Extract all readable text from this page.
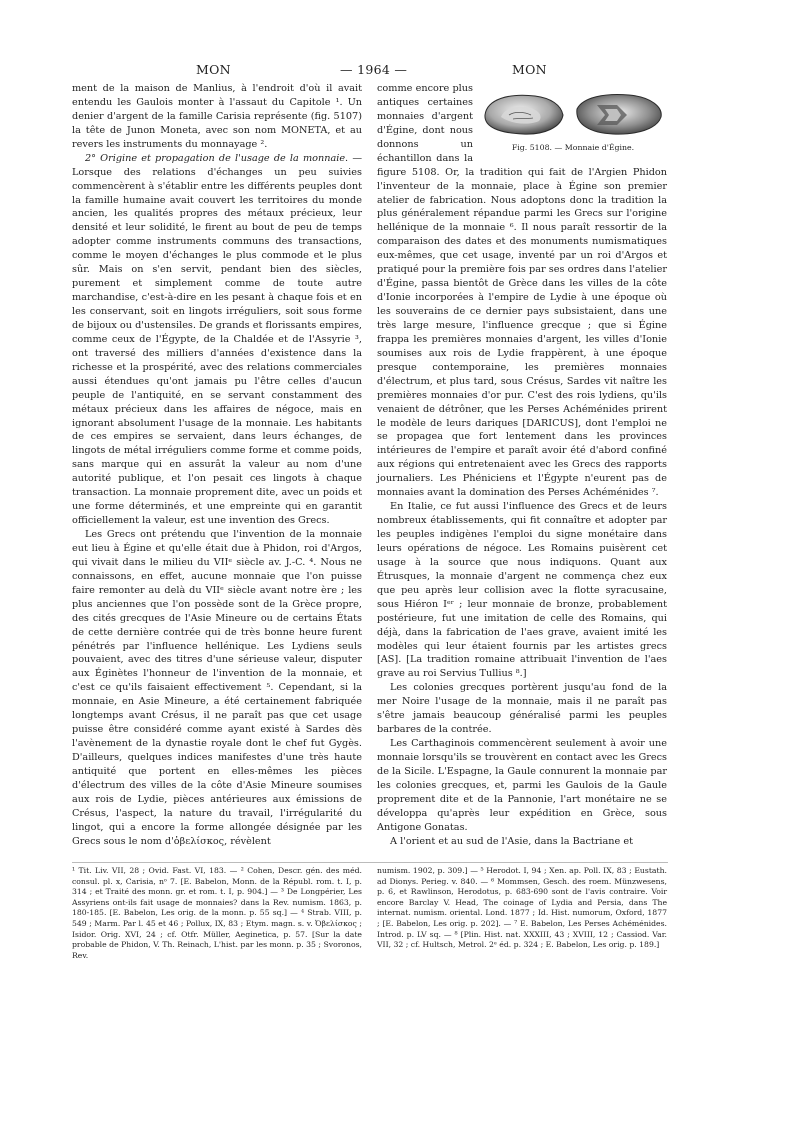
MON	— 1964 —	MON

ment de la maison de Manlius, à l'endroit d'où il avait entendu les Gaulois monter à l'assaut du Capitole ¹. Un denier d'argent de la famille Carisia représente (fig. 5107) la tête de Junon Moneta, avec son nom MONETA, et au revers les instruments du monnayage ².

2° Origine et propagation de l'usage de la monnaie. — Lorsque des relations d'échanges un peu suivies commencèrent à s'établir entre les différents peuples dont la famille humaine avait couvert les territoires du monde ancien, les qualités propres des métaux précieux, leur densité et leur solidité, le firent au bout de peu de temps adopter comme instruments communs des transactions, comme le moyen d'échanges le plus commode et le plus sûr. Mais on s'en servit, pendant bien des siècles, purement et simplement comme de toute autre marchandise, c'est-à-dire en les pesant à chaque fois et en les conservant, soit en lingots irréguliers, soit sous forme de bijoux ou d'ustensiles. De grands et florissants empires, comme ceux de l'Égypte, de la Chaldée et de l'Assyrie ³, ont traversé des milliers d'années d'existence dans la richesse et la prospérité, avec des relations commerciales aussi étendues qu'ont jamais pu l'être celles d'aucun peuple de l'antiquité, en se servant constamment des métaux précieux dans les affaires de négoce, mais en ignorant absolument l'usage de la monnaie. Les habitants de ces empires se servaient, dans leurs échanges, de lingots de métal irréguliers comme forme et comme poids, sans marque qui en assurât la valeur au nom d'une autorité publique, et l'on pesait ces lingots à chaque transaction. La monnaie proprement dite, avec un poids et une forme déterminés, et une empreinte qui en garantit officiellement la valeur, est une invention des Grecs.

Les Grecs ont prétendu que l'invention de la monnaie eut lieu à Égine et qu'elle était due à Phidon, roi d'Argos, qui vivait dans le milieu du VIIᵉ siècle av. J.-C. ⁴. Nous ne connaissons, en effet, aucune monnaie que l'on puisse faire remonter au delà du VIIᵉ siècle avant notre ère ; les plus anciennes que l'on possède sont de la Grèce propre, des cités grecques de l'Asie Mineure ou de certains États de cette dernière contrée qui de très bonne heure furent pénétrés par l'influence hellénique. Les Lydiens seuls pouvaient, avec des titres d'une sérieuse valeur, disputer aux Éginètes l'honneur de l'invention de la monnaie, et c'est ce qu'ils faisaient effectivement ⁵. Cependant, si la monnaie, en Asie Mineure, a été certainement fabriquée longtemps avant Crésus, il ne paraît pas que cet usage puisse être considéré comme ayant existé à Sardes dès l'avènement de la dynastie royale dont le chef fut Gygès. D'ailleurs, quelques indices manifestes d'une très haute antiquité que portent en elles-mêmes les pièces d'électrum des villes de la côte d'Asie Mineure soumises aux rois de Lydie, pièces antérieures aux émissions de Crésus, l'aspect, la nature du travail, l'irrégularité du lingot, qui a encore la forme allongée désignée par les Grecs sous le nom d'ὀβελίσκος, révèlent

Fig. 5108. — Monnaie d'Égine.

comme encore plus antiques certaines monnaies d'argent d'Égine, dont nous donnons un échantillon dans la figure 5108. Or, la tradition qui fait de l'Argien Phidon l'inventeur de la monnaie, place à Égine son premier atelier de fabrication. Nous adoptons donc la tradition la plus généralement répandue parmi les Grecs sur l'origine hellénique de la monnaie ⁶. Il nous paraît ressortir de la comparaison des dates et des monuments numismatiques eux-mêmes, que cet usage, inventé par un roi d'Argos et pratiqué pour la première fois par ses ordres dans l'atelier d'Égine, passa bientôt de Grèce dans les villes de la côte d'Ionie incorporées à l'empire de Lydie à une époque où les souverains de ce dernier pays subsistaient, dans une très large mesure, l'influence grecque ; que si Égine frappa les premières monnaies d'argent, les villes d'Ionie soumises aux rois de Lydie frappèrent, à une époque presque contemporaine, les premières monnaies d'électrum, et plus tard, sous Crésus, Sardes vit naître les premières monnaies d'or pur. C'est des rois lydiens, qu'ils venaient de détrôner, que les Perses Achéménides prirent le modèle de leurs dariques [DARICUS], dont l'emploi ne se propagea que fort lentement dans les provinces intérieures de l'empire et paraît avoir été d'abord confiné aux régions qui entretenaient avec les Grecs des rapports journaliers. Les Phéniciens et l'Égypte n'eurent pas de monnaies avant la domination des Perses Achéménides ⁷.

En Italie, ce fut aussi l'influence des Grecs et de leurs nombreux établissements, qui fit connaître et adopter par les peuples indigènes l'emploi du signe monétaire dans leurs opérations de négoce. Les Romains puisèrent cet usage à la source que nous indiquons. Quant aux Étrusques, la monnaie d'argent ne commença chez eux que peu après leur collision avec la flotte syracusaine, sous Hiéron Iᵉʳ ; leur monnaie de bronze, probablement postérieure, fut une imitation de celle des Romains, qui déjà, dans la fabrication de l'aes grave, avaient imité les modèles qui leur étaient fournis par les artistes grecs [AS]. [La tradition romaine attribuait l'invention de l'aes grave au roi Servius Tullius ⁸.]

Les colonies grecques portèrent jusqu'au fond de la mer Noire l'usage de la monnaie, mais il ne paraît pas s'être jamais beaucoup généralisé parmi les peuples barbares de la contrée.

Les Carthaginois commencèrent seulement à avoir une monnaie lorsqu'ils se trouvèrent en contact avec les Grecs de la Sicile. L'Espagne, la Gaule connurent la monnaie par les colonies grecques, et, parmi les Gaulois de la Gaule proprement dite et de la Pannonie, l'art monétaire ne se développa qu'après leur expédition en Grèce, sous Antigone Gonatas.

A l'orient et au sud de l'Asie, dans la Bactriane et

¹ Tit. Liv. VII, 28 ; Ovid. Fast. VI, 183. — ² Cohen, Descr. gén. des méd. consul. pl. x, Carisia, nᵒ 7. [E. Babelon, Monn. de la Républ. rom. t. I, p. 314 ; et Traité des monn. gr. et rom. t. I, p. 904.] — ³ De Longpérier, Les Assyriens ont-ils fait usage de monnaies? dans la Rev. numism. 1863, p. 180-185. [E. Babelon, Les orig. de la monn. p. 55 sq.] — ⁴ Strab. VIII, p. 549 ; Marm. Par l. 45 et 46 ; Pollux, IX, 83 ; Etym. magn. s. v. Ὀβελίσκος ; Isidor. Orig. XVI, 24 ; cf. Otfr. Müller, Aeginetica, p. 57. [Sur la date probable de Phidon, V. Th. Reinach, L'hist. par les monn. p. 35 ; Svoronos, Rev.
numism. 1902, p. 309.] — ⁵ Herodot. I, 94 ; Xen. ap. Poll. IX, 83 ; Eustath. ad Dionys. Perieg. v. 840. — ⁶ Mommsen, Gesch. des roem. Münzwesens, p. 6, et Rawlinson, Herodotus, p. 683-690 sont de l'avis contraire. Voir encore Barclay V. Head, The coinage of Lydia and Persia, dans The internat. numism. oriental. Lond. 1877 ; Id. Hist. numorum, Oxford, 1877 ; [E. Babelon, Les orig. p. 202]. — ⁷ E. Babelon, Les Perses Achéménides. Introd. p. LV sq. — ⁸ [Plin. Hist. nat. XXXIII, 43 ; XVIII, 12 ; Cassiod. Var. VII, 32 ; cf. Hultsch, Metrol. 2ᵉ éd. p. 324 ; E. Babelon, Les orig. p. 189.]
